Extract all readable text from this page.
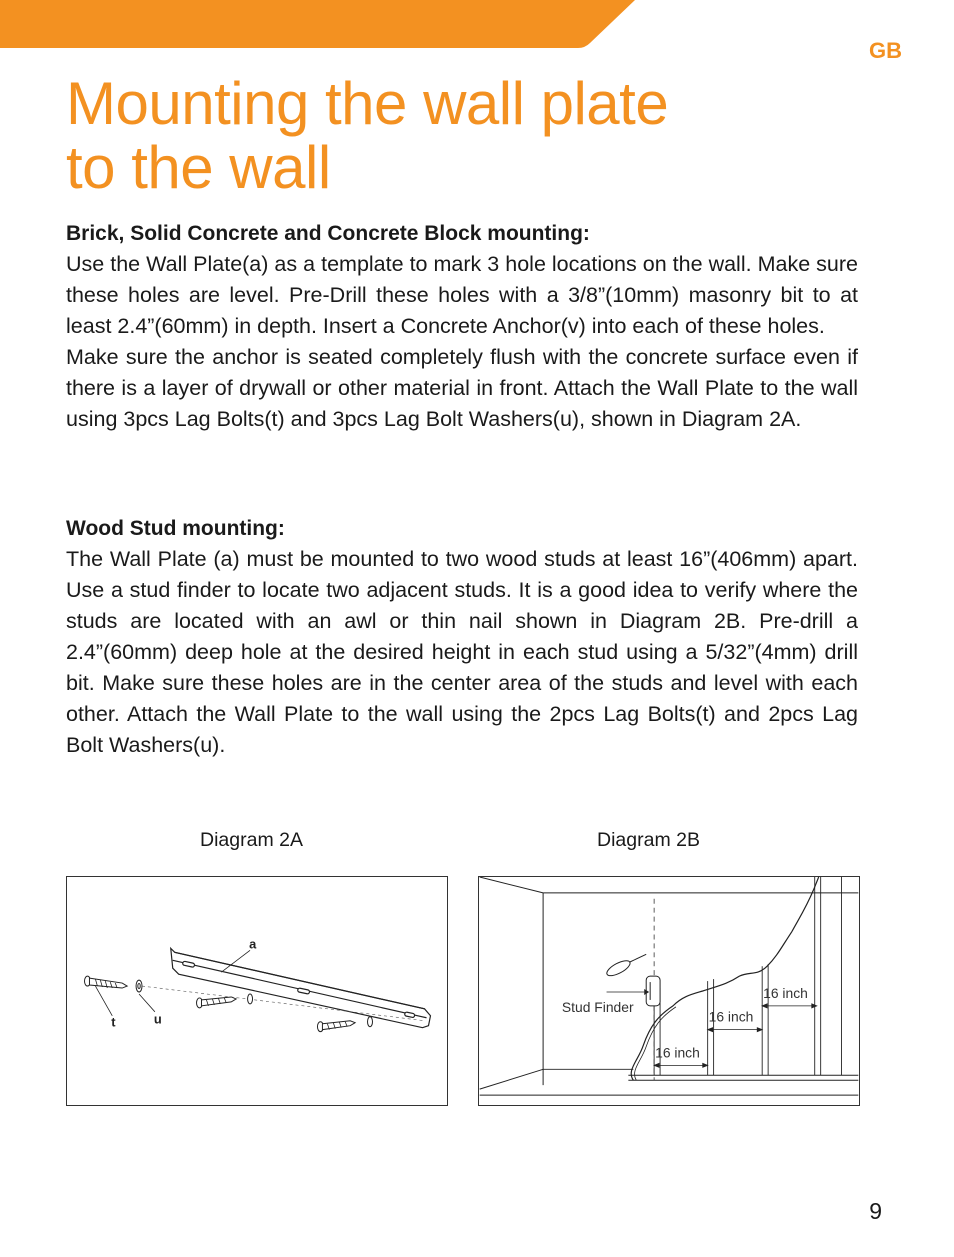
GB
Mounting the wall plate
to the wall
Brick, Solid Concrete and Concrete Block mounting:
Use the Wall Plate(a) as a template to mark 3 hole locations on the wall. Make sure these holes are level. Pre-Drill these holes with a 3/8”(10mm) masonry bit to at least 2.4”(60mm) in depth. Insert a Concrete Anchor(v) into each of these holes.
Make sure the anchor is seated completely flush with the concrete surface even if there is a layer of drywall or other material in front. Attach the Wall Plate to the wall using 3pcs Lag Bolts(t) and 3pcs Lag Bolt Washers(u), shown in Diagram 2A.
Wood Stud mounting:
The Wall Plate (a) must be mounted to two wood studs at least 16”(406mm) apart. Use a stud finder to locate two adjacent studs. It is a good idea to verify where the studs are located with an awl or thin nail shown in Diagram 2B. Pre-drill a 2.4”(60mm) deep hole at the desired height in each stud using a 5/32”(4mm) drill bit. Make sure these holes are in the center area of the studs and level with each other. Attach the Wall Plate to the wall using the 2pcs Lag Bolts(t) and 2pcs Lag Bolt Washers(u).
Diagram 2A	Diagram 2B
a
t	u
Stud Finder
16 inch
16 inch
16 inch
9
